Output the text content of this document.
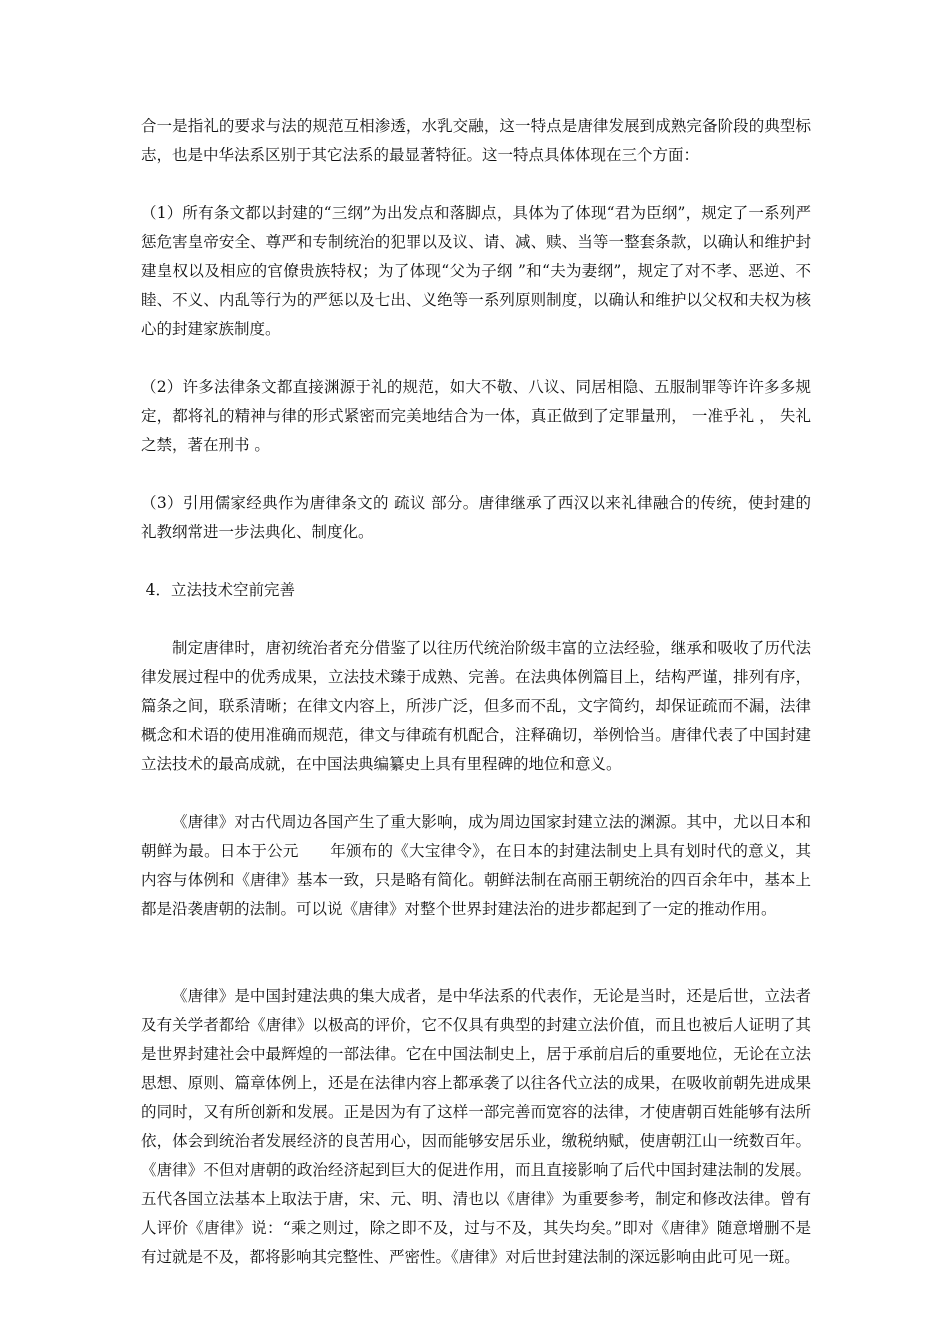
合一是指礼的要求与法的规范互相渗透，水乳交融，这一特点是唐律发展到成熟完备阶段的典型标志，也是中华法系区别于其它法系的最显著特征。这一特点具体体现在三个方面：

（1）所有条文都以封建的“三纲”为出发点和落脚点，具体为了体现“君为臣纲”，规定了一系列严惩危害皇帝安全、尊严和专制统治的犯罪以及议、请、减、赎、当等一整套条款，以确认和维护封建皇权以及相应的官僚贵族特权；为了体现“父为子纲 ”和“夫为妻纲”，规定了对不孝、恶逆、不睦、不义、内乱等行为的严惩以及七出、义绝等一系列原则制度，以确认和维护以父权和夫权为核心的封建家族制度。

（2）许多法律条文都直接渊源于礼的规范，如大不敬、八议、同居相隐、五服制罪等许许多多规定，都将礼的精神与律的形式紧密而完美地结合为一体，真正做到了定罪量刑， 一准乎礼 ， 失礼之禁，著在刑书 。

（3）引用儒家经典作为唐律条文的 疏议 部分。唐律继承了西汉以来礼律融合的传统，使封建的礼教纲常进一步法典化、制度化。

4．立法技术空前完善

制定唐律时，唐初统治者充分借鉴了以往历代统治阶级丰富的立法经验，继承和吸收了历代法律发展过程中的优秀成果，立法技术臻于成熟、完善。在法典体例篇目上，结构严谨，排列有序，篇条之间，联系清晰；在律文内容上，所涉广泛，但多而不乱，文字简约，却保证疏而不漏，法律概念和术语的使用准确而规范，律文与律疏有机配合，注释确切，举例恰当。唐律代表了中国封建立法技术的最高成就，在中国法典编纂史上具有里程碑的地位和意义。

《唐律》对古代周边各国产生了重大影响，成为周边国家封建立法的渊源。其中，尤以日本和朝鲜为最。日本于公元　　年颁布的《大宝律令》，在日本的封建法制史上具有划时代的意义，其内容与体例和《唐律》基本一致，只是略有简化。朝鲜法制在高丽王朝统治的四百余年中，基本上都是沿袭唐朝的法制。可以说《唐律》对整个世界封建法治的进步都起到了一定的推动作用。

《唐律》是中国封建法典的集大成者，是中华法系的代表作，无论是当时，还是后世，立法者及有关学者都给《唐律》以极高的评价，它不仅具有典型的封建立法价值，而且也被后人证明了其是世界封建社会中最辉煌的一部法律。它在中国法制史上，居于承前启后的重要地位，无论在立法思想、原则、篇章体例上，还是在法律内容上都承袭了以往各代立法的成果，在吸收前朝先进成果的同时，又有所创新和发展。正是因为有了这样一部完善而宽容的法律，才使唐朝百姓能够有法所依，体会到统治者发展经济的良苦用心，因而能够安居乐业，缴税纳赋，使唐朝江山一统数百年。《唐律》不但对唐朝的政治经济起到巨大的促进作用，而且直接影响了后代中国封建法制的发展。五代各国立法基本上取法于唐，宋、元、明、清也以《唐律》为重要参考，制定和修改法律。曾有人评价《唐律》说：“乘之则过，除之即不及，过与不及，其失均矣。”即对《唐律》随意增删不是有过就是不及，都将影响其完整性、严密性。《唐律》对后世封建法制的深远影响由此可见一斑。
